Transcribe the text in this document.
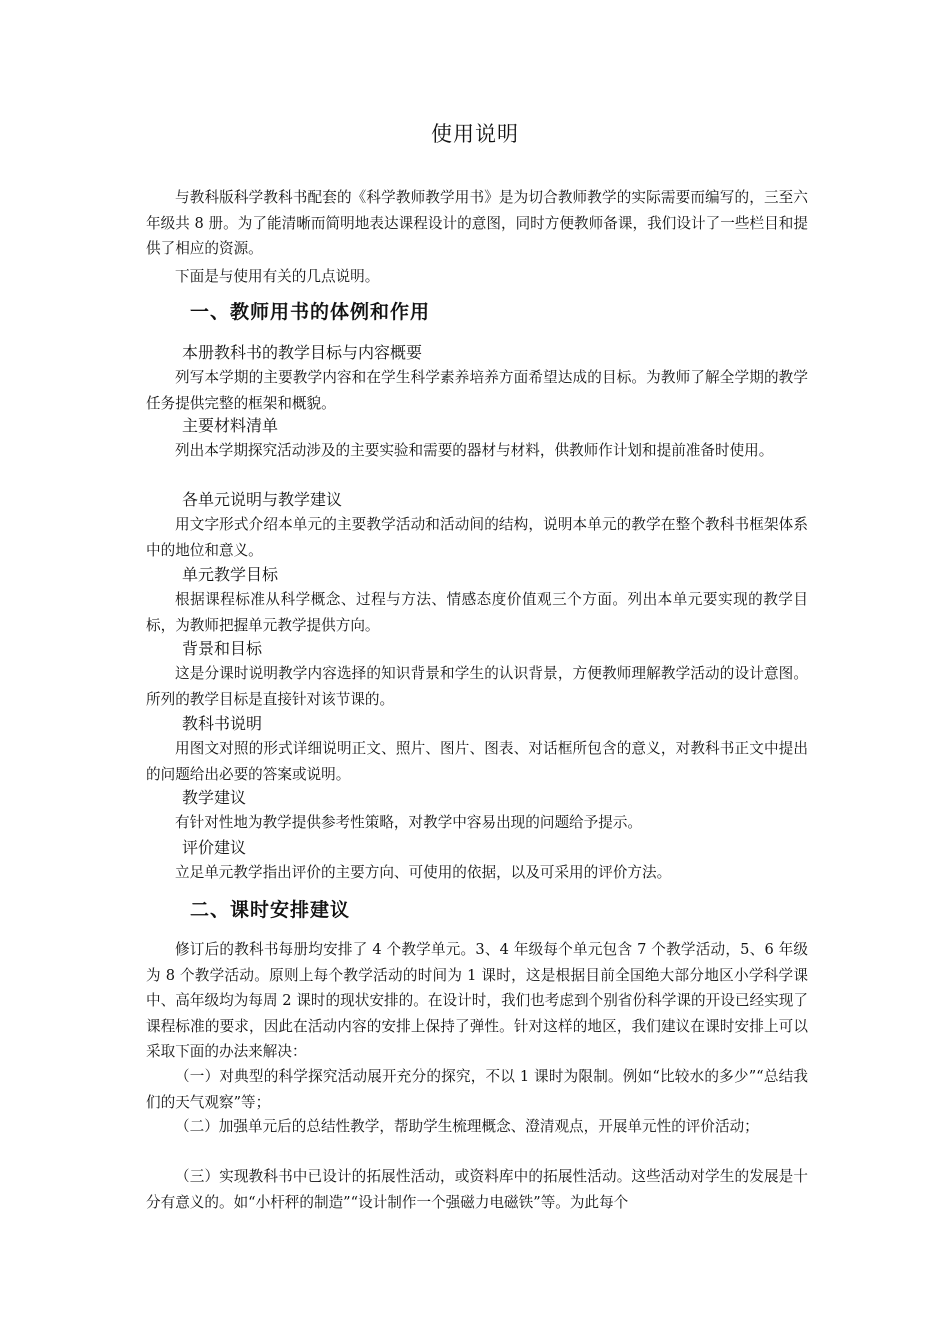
使用说明

与教科版科学教科书配套的《科学教师教学用书》是为切合教师教学的实际需要而编写的，三至六年级共 8 册。为了能清晰而简明地表达课程设计的意图，同时方便教师备课，我们设计了一些栏目和提供了相应的资源。

下面是与使用有关的几点说明。

一、教师用书的体例和作用
本册教科书的教学目标与内容概要

列写本学期的主要教学内容和在学生科学素养培养方面希望达成的目标。为教师了解全学期的教学任务提供完整的框架和概貌。

主要材料清单

列出本学期探究活动涉及的主要实验和需要的器材与材料，供教师作计划和提前准备时使用。

各单元说明与教学建议

用文字形式介绍本单元的主要教学活动和活动间的结构，说明本单元的教学在整个教科书框架体系中的地位和意义。

单元教学目标

根据课程标准从科学概念、过程与方法、情感态度价值观三个方面。列出本单元要实现的教学目标，为教师把握单元教学提供方向。

背景和目标

这是分课时说明教学内容选择的知识背景和学生的认识背景，方便教师理解教学活动的设计意图。所列的教学目标是直接针对该节课的。

教科书说明

用图文对照的形式详细说明正文、照片、图片、图表、对话框所包含的意义，对教科书正文中提出的问题给出必要的答案或说明。

教学建议

有针对性地为教学提供参考性策略，对教学中容易出现的问题给予提示。

评价建议

立足单元教学指出评价的主要方向、可使用的依据，以及可采用的评价方法。

二、课时安排建议

修订后的教科书每册均安排了 4 个教学单元。3、4 年级每个单元包含 7 个教学活动，5、6 年级为 8 个教学活动。原则上每个教学活动的时间为 1 课时，这是根据目前全国绝大部分地区小学科学课中、高年级均为每周 2 课时的现状安排的。在设计时，我们也考虑到个别省份科学课的开设已经实现了课程标准的要求，因此在活动内容的安排上保持了弹性。针对这样的地区，我们建议在课时安排上可以采取下面的办法来解决：

（一）对典型的科学探究活动展开充分的探究，不以 1 课时为限制。例如“比较水的多少”“总结我们的天气观察”等；

（二）加强单元后的总结性教学，帮助学生梳理概念、澄清观点，开展单元性的评价活动；

（三）实现教科书中已设计的拓展性活动，或资料库中的拓展性活动。这些活动对学生的发展是十分有意义的。如“小杆秤的制造”“设计制作一个强磁力电磁铁”等。为此每个
